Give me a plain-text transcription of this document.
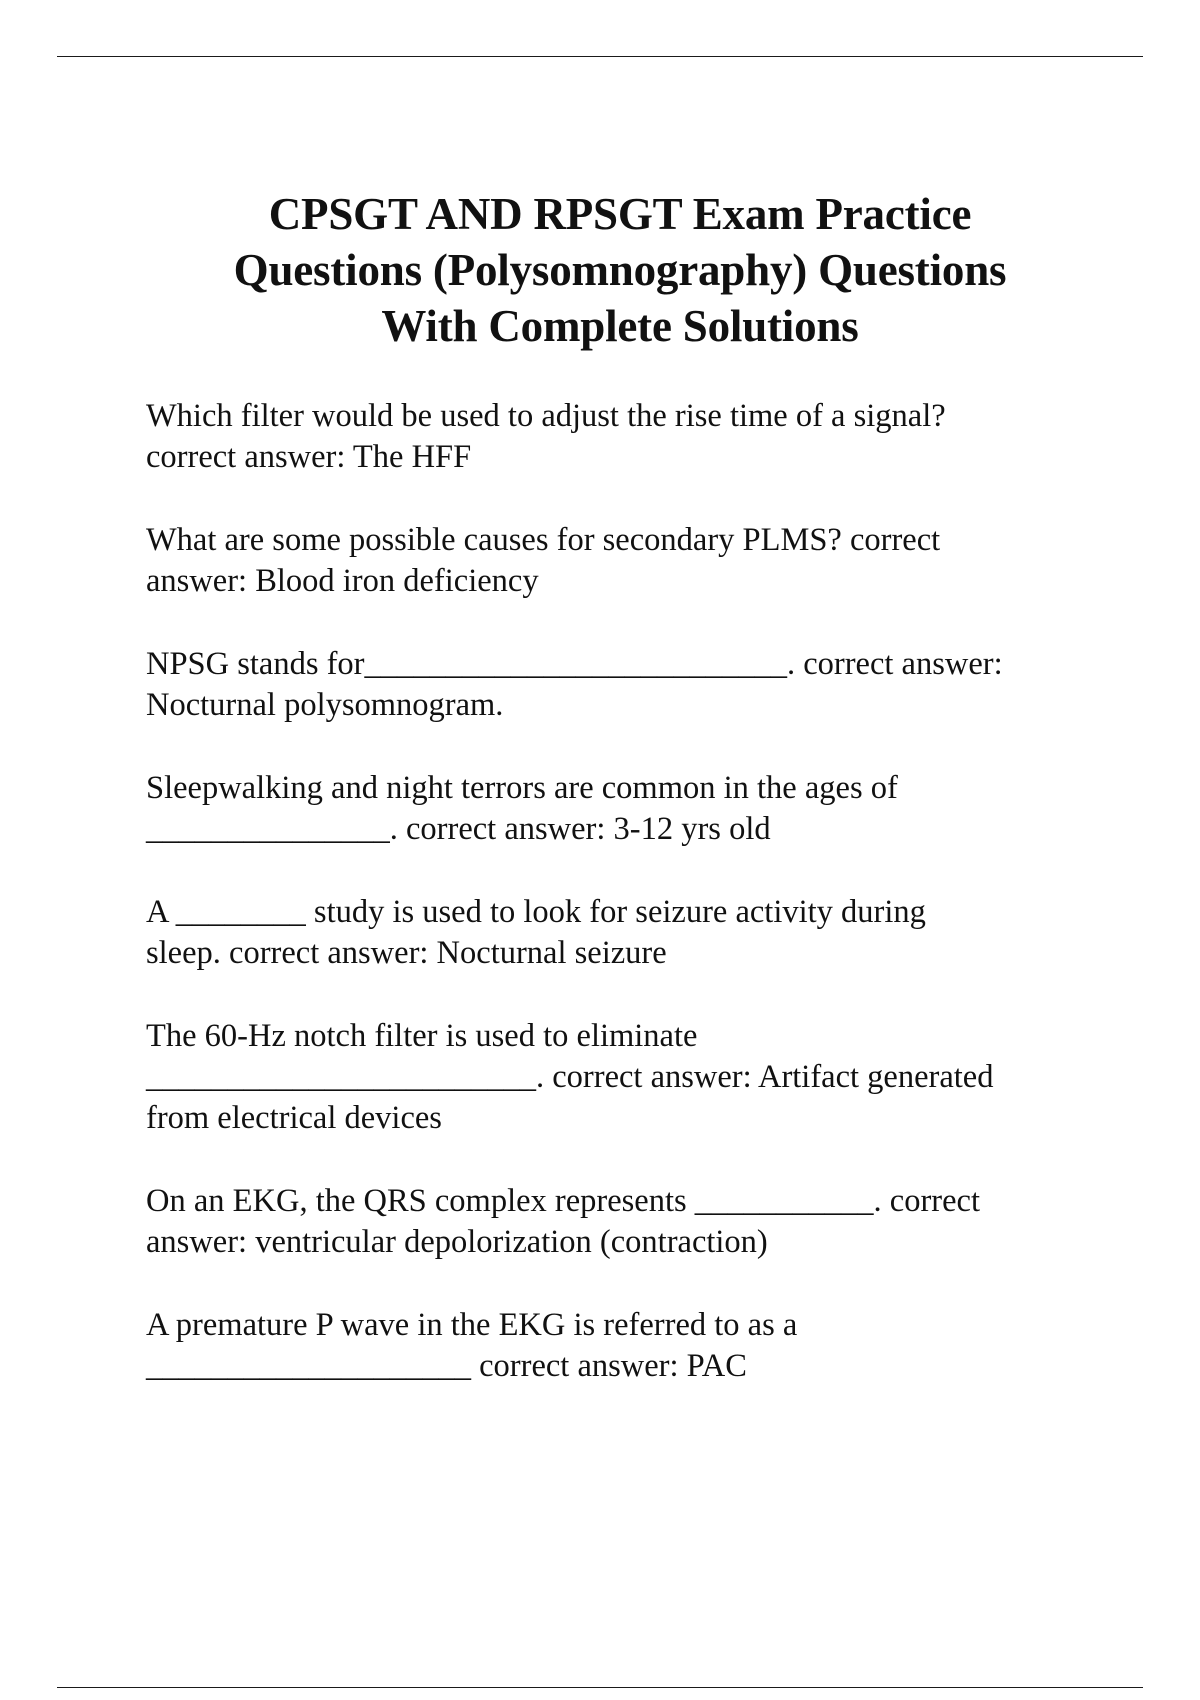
CPSGT AND RPSGT Exam Practice
Questions (Polysomnography) Questions
With Complete Solutions

Which filter would be used to adjust the rise time of a signal?
correct answer: The HFF

What are some possible causes for secondary PLMS? correct
answer: Blood iron deficiency

NPSG stands for__________________________. correct answer:
Nocturnal polysomnogram.

Sleepwalking and night terrors are common in the ages of
_______________. correct answer: 3-12 yrs old

A ________ study is used to look for seizure activity during
sleep. correct answer: Nocturnal seizure

The 60-Hz notch filter is used to eliminate
________________________. correct answer: Artifact generated
from electrical devices

On an EKG, the QRS complex represents ___________. correct
answer: ventricular depolorization (contraction)

A premature P wave in the EKG is referred to as a
____________________ correct answer: PAC
